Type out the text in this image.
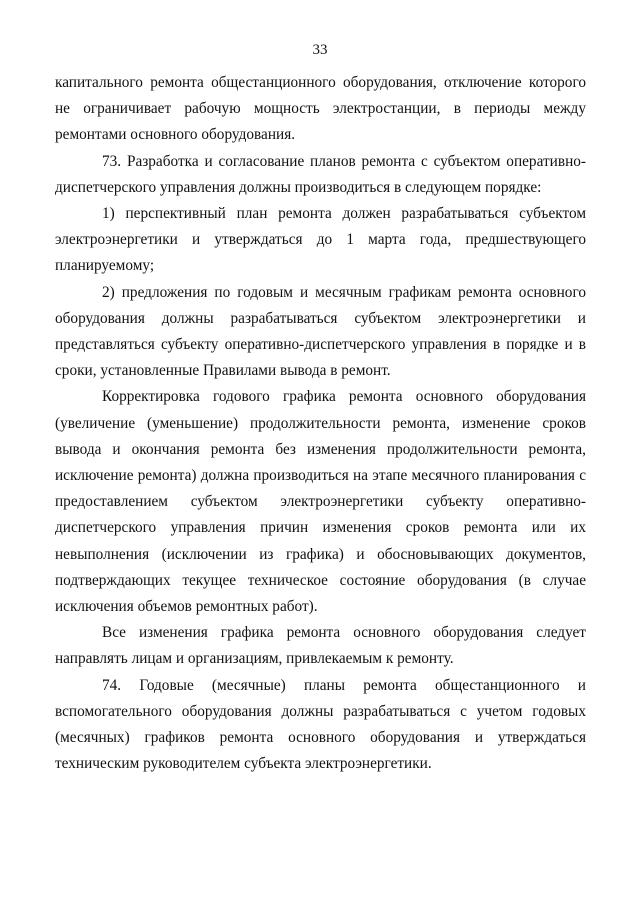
33

капитального ремонта общестанционного оборудования, отключение которого не ограничивает рабочую мощность электростанции, в периоды между ремонтами основного оборудования.

73. Разработка и согласование планов ремонта с субъектом оперативно-диспетчерского управления должны производиться в следующем порядке:

1) перспективный план ремонта должен разрабатываться субъектом электроэнергетики и утверждаться до 1 марта года, предшествующего планируемому;

2) предложения по годовым и месячным графикам ремонта основного оборудования должны разрабатываться субъектом электроэнергетики и представляться субъекту оперативно-диспетчерского управления в порядке и в сроки, установленные Правилами вывода в ремонт.

Корректировка годового графика ремонта основного оборудования (увеличение (уменьшение) продолжительности ремонта, изменение сроков вывода и окончания ремонта без изменения продолжительности ремонта, исключение ремонта) должна производиться на этапе месячного планирования с предоставлением субъектом электроэнергетики субъекту оперативно-диспетчерского управления причин изменения сроков ремонта или их невыполнения (исключении из графика) и обосновывающих документов, подтверждающих текущее техническое состояние оборудования (в случае исключения объемов ремонтных работ).

Все изменения графика ремонта основного оборудования следует направлять лицам и организациям, привлекаемым к ремонту.

74. Годовые (месячные) планы ремонта общестанционного и вспомогательного оборудования должны разрабатываться с учетом годовых (месячных) графиков ремонта основного оборудования и утверждаться техническим руководителем субъекта электроэнергетики.
